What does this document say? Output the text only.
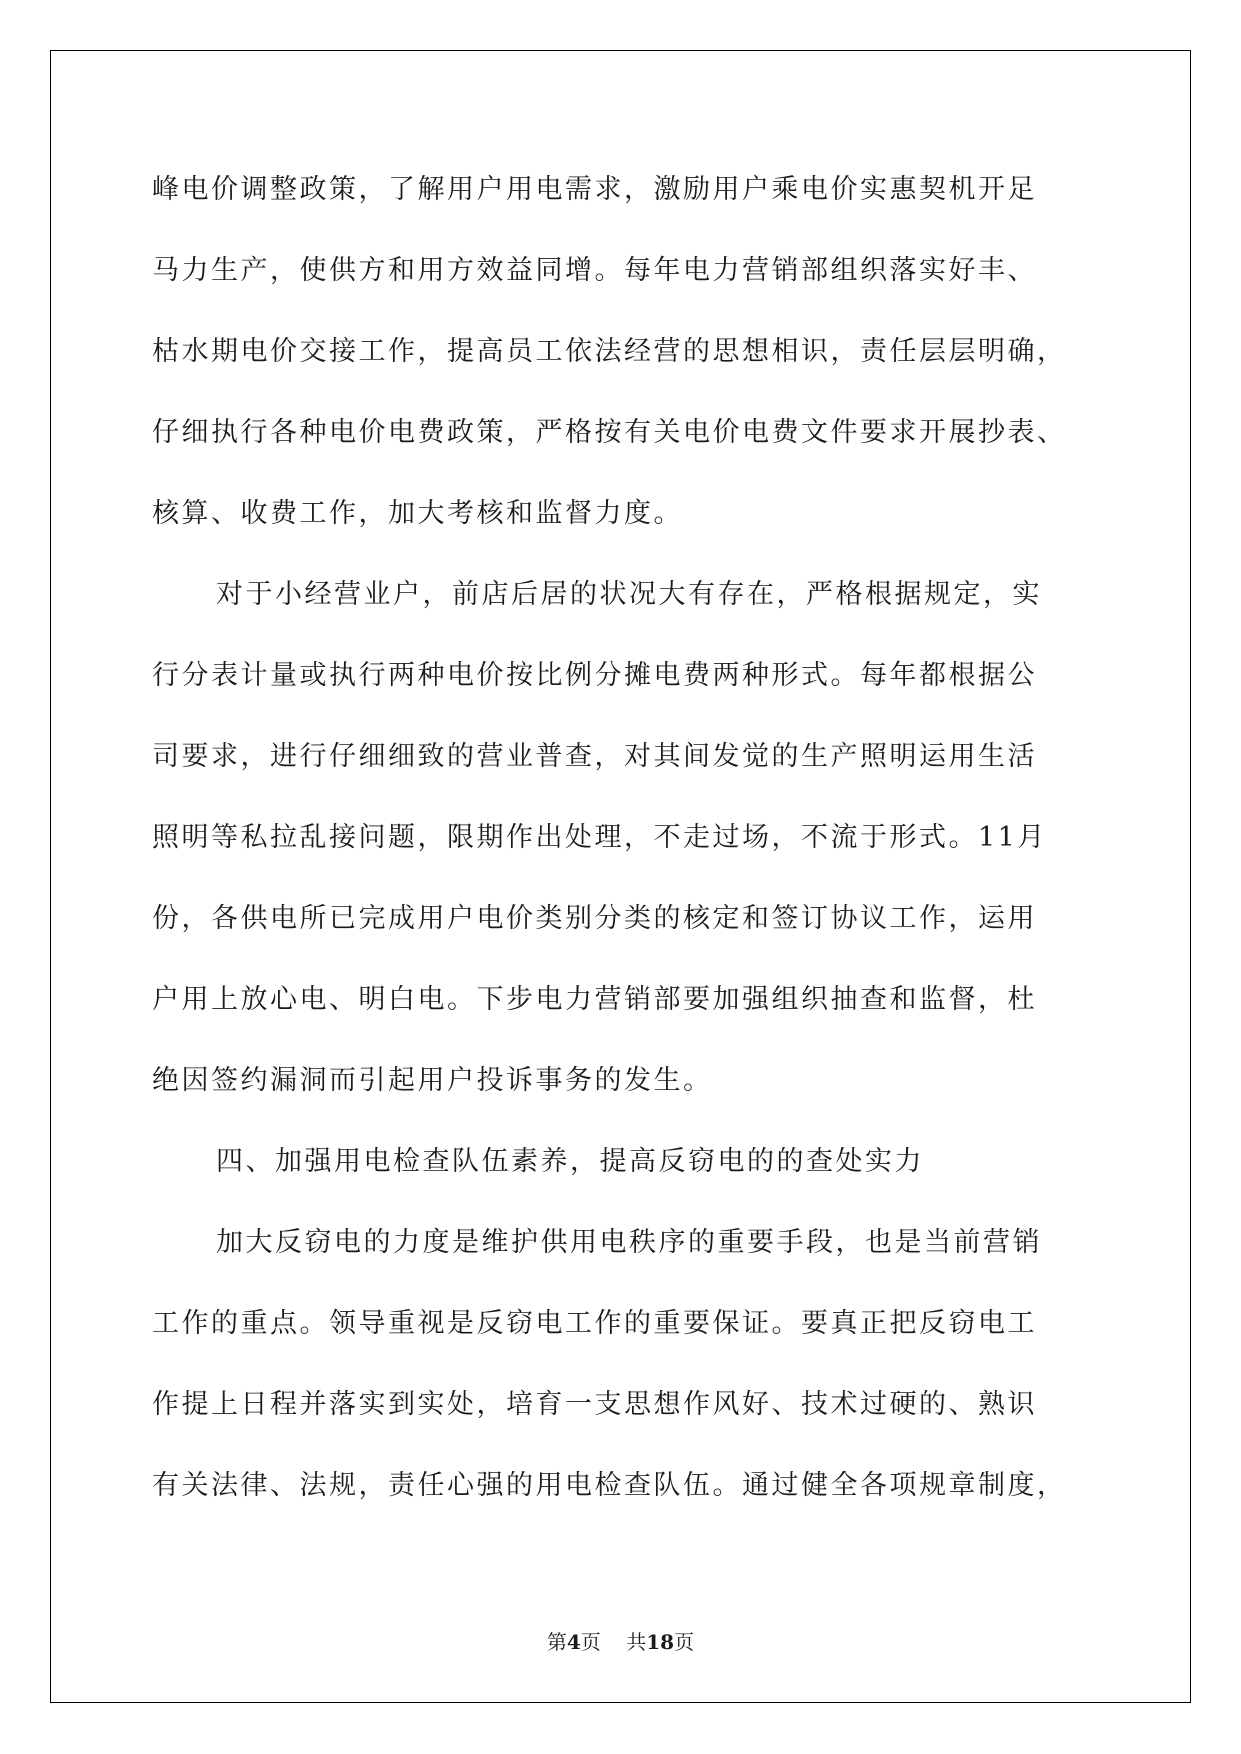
峰电价调整政策，了解用户用电需求，激励用户乘电价实惠契机开足
马力生产，使供方和用方效益同增。每年电力营销部组织落实好丰、
枯水期电价交接工作，提高员工依法经营的思想相识，责任层层明确，
仔细执行各种电价电费政策，严格按有关电价电费文件要求开展抄表、
核算、收费工作，加大考核和监督力度。
对于小经营业户，前店后居的状况大有存在，严格根据规定，实
行分表计量或执行两种电价按比例分摊电费两种形式。每年都根据公
司要求，进行仔细细致的营业普查，对其间发觉的生产照明运用生活
照明等私拉乱接问题，限期作出处理，不走过场，不流于形式。11月
份，各供电所已完成用户电价类别分类的核定和签订协议工作，运用
户用上放心电、明白电。下步电力营销部要加强组织抽查和监督，杜
绝因签约漏洞而引起用户投诉事务的发生。
四、加强用电检查队伍素养，提高反窃电的的查处实力
加大反窃电的力度是维护供用电秩序的重要手段，也是当前营销
工作的重点。领导重视是反窃电工作的重要保证。要真正把反窃电工
作提上日程并落实到实处，培育一支思想作风好、技术过硬的、熟识
有关法律、法规，责任心强的用电检查队伍。通过健全各项规章制度，
第4页    共18页
